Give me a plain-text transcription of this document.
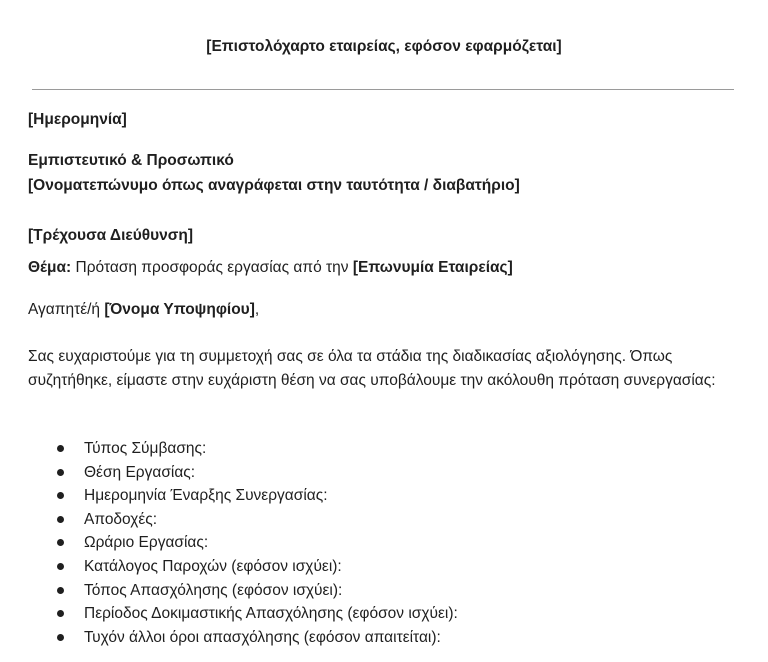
[Επιστολόχαρτο εταιρείας, εφόσον εφαρμόζεται]
[Ημερομηνία]
Εμπιστευτικό & Προσωπικό
[Ονοματεπώνυμο όπως αναγράφεται στην ταυτότητα / διαβατήριο]
[Τρέχουσα Διεύθυνση]
Θέμα: Πρόταση προσφοράς εργασίας από την [Επωνυμία Εταιρείας]
Αγαπητέ/ή [Όνομα Υποψηφίου],
Σας ευχαριστούμε για τη συμμετοχή σας σε όλα τα στάδια της διαδικασίας αξιολόγησης. Όπως συζητήθηκε, είμαστε στην ευχάριστη θέση να σας υποβάλουμε την ακόλουθη πρόταση συνεργασίας:
Τύπος Σύμβασης:
Θέση Εργασίας:
Ημερομηνία Έναρξης Συνεργασίας:
Αποδοχές:
Ωράριο Εργασίας:
Κατάλογος Παροχών (εφόσον ισχύει):
Τόπος Απασχόλησης (εφόσον ισχύει):
Περίοδος Δοκιμαστικής Απασχόλησης (εφόσον ισχύει):
Τυχόν άλλοι όροι απασχόλησης (εφόσον απαιτείται):
